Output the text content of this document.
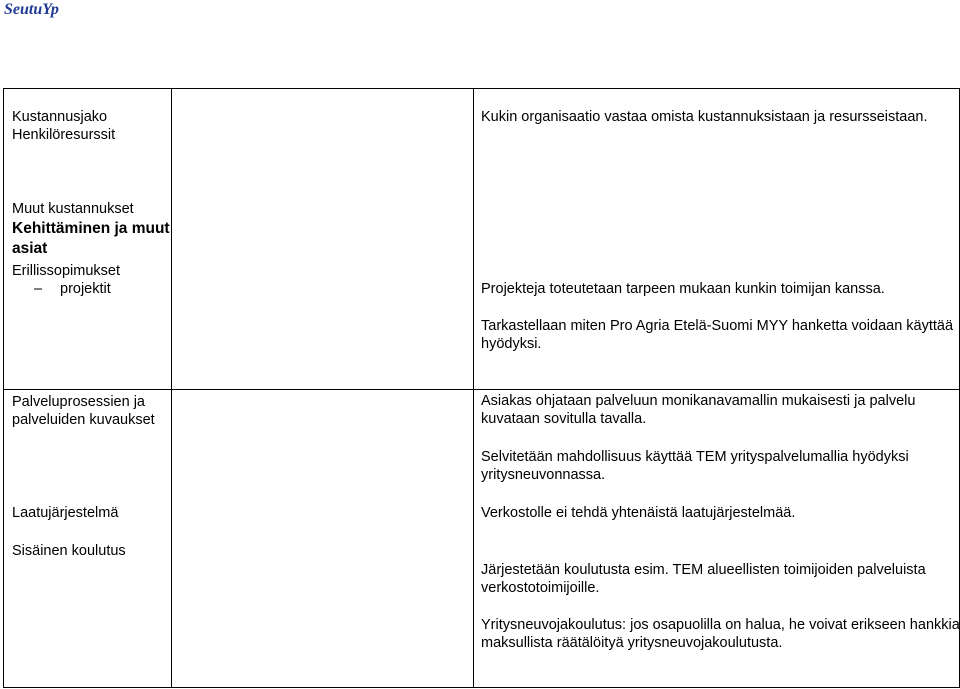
SeutuYp
Kustannusjako
Henkilöresurssit
Muut kustannukset
Kehittäminen ja muut
asiat
Erillissopimukset
– projektit
Palveluprosessien ja
palveluiden kuvaukset
Laatujärjestelmä
Sisäinen koulutus
Kukin organisaatio vastaa omista kustannuksistaan ja resursseistaan.
Projekteja toteutetaan tarpeen mukaan kunkin toimijan kanssa.
Tarkastellaan miten Pro Agria Etelä-Suomi MYY hanketta voidaan käyttää
hyödyksi.
Asiakas ohjataan palveluun monikanavamallin mukaisesti ja palvelu
kuvataan sovitulla tavalla.
Selvitetään mahdollisuus käyttää TEM yrityspalvelumallia hyödyksi
yritysneuvonnassa.
Verkostolle ei tehdä yhtenäistä laatujärjestelmää.
Järjestetään koulutusta esim. TEM alueellisten toimijoiden palveluista
verkostotoimijoille.
Yritysneuvojakoulutus: jos osapuolilla on halua, he voivat erikseen hankkia
maksullista räätälöityä yritysneuvojakoulutusta.
